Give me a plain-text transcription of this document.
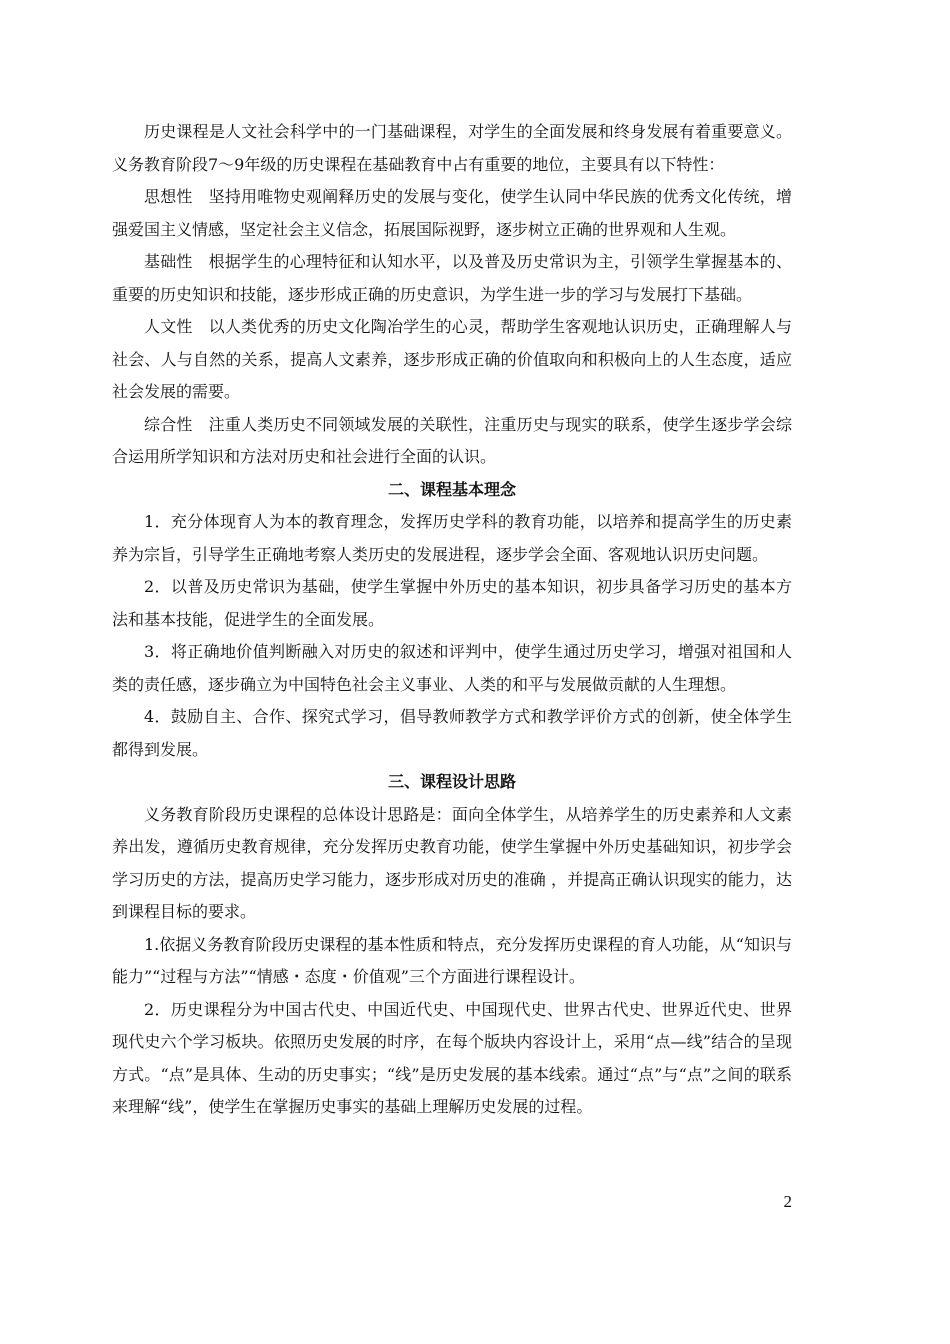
历史课程是人文社会科学中的一门基础课程，对学生的全面发展和终身发展有着重要意义。义务教育阶段7～9年级的历史课程在基础教育中占有重要的地位，主要具有以下特性：

思想性 坚持用唯物史观阐释历史的发展与变化，使学生认同中华民族的优秀文化传统，增强爱国主义情感，坚定社会主义信念，拓展国际视野，逐步树立正确的世界观和人生观。

基础性 根据学生的心理特征和认知水平，以及普及历史常识为主，引领学生掌握基本的、重要的历史知识和技能，逐步形成正确的历史意识，为学生进一步的学习与发展打下基础。

人文性 以人类优秀的历史文化陶冶学生的心灵，帮助学生客观地认识历史，正确理解人与社会、人与自然的关系，提高人文素养，逐步形成正确的价值取向和积极向上的人生态度，适应社会发展的需要。

综合性 注重人类历史不同领域发展的关联性，注重历史与现实的联系，使学生逐步学会综合运用所学知识和方法对历史和社会进行全面的认识。

二、课程基本理念

1．充分体现育人为本的教育理念，发挥历史学科的教育功能，以培养和提高学生的历史素养为宗旨，引导学生正确地考察人类历史的发展进程，逐步学会全面、客观地认识历史问题。

2．以普及历史常识为基础，使学生掌握中外历史的基本知识，初步具备学习历史的基本方法和基本技能，促进学生的全面发展。

3．将正确地价值判断融入对历史的叙述和评判中，使学生通过历史学习，增强对祖国和人类的责任感，逐步确立为中国特色社会主义事业、人类的和平与发展做贡献的人生理想。

4．鼓励自主、合作、探究式学习，倡导教师教学方式和教学评价方式的创新，使全体学生都得到发展。

三、课程设计思路

义务教育阶段历史课程的总体设计思路是：面向全体学生，从培养学生的历史素养和人文素养出发，遵循历史教育规律，充分发挥历史教育功能，使学生掌握中外历史基础知识，初步学会学习历史的方法，提高历史学习能力，逐步形成对历史的准确 ，并提高正确认识现实的能力，达到课程目标的要求。

1.依据义务教育阶段历史课程的基本性质和特点，充分发挥历史课程的育人功能，从“知识与能力”“过程与方法”“情感・态度・价值观”三个方面进行课程设计。

2．历史课程分为中国古代史、中国近代史、中国现代史、世界古代史、世界近代史、世界现代史六个学习板块。依照历史发展的时序，在每个版块内容设计上，采用“点—线”结合的呈现方式。“点”是具体、生动的历史事实；“线”是历史发展的基本线索。通过“点”与“点”之间的联系来理解“线”，使学生在掌握历史事实的基础上理解历史发展的过程。

2
